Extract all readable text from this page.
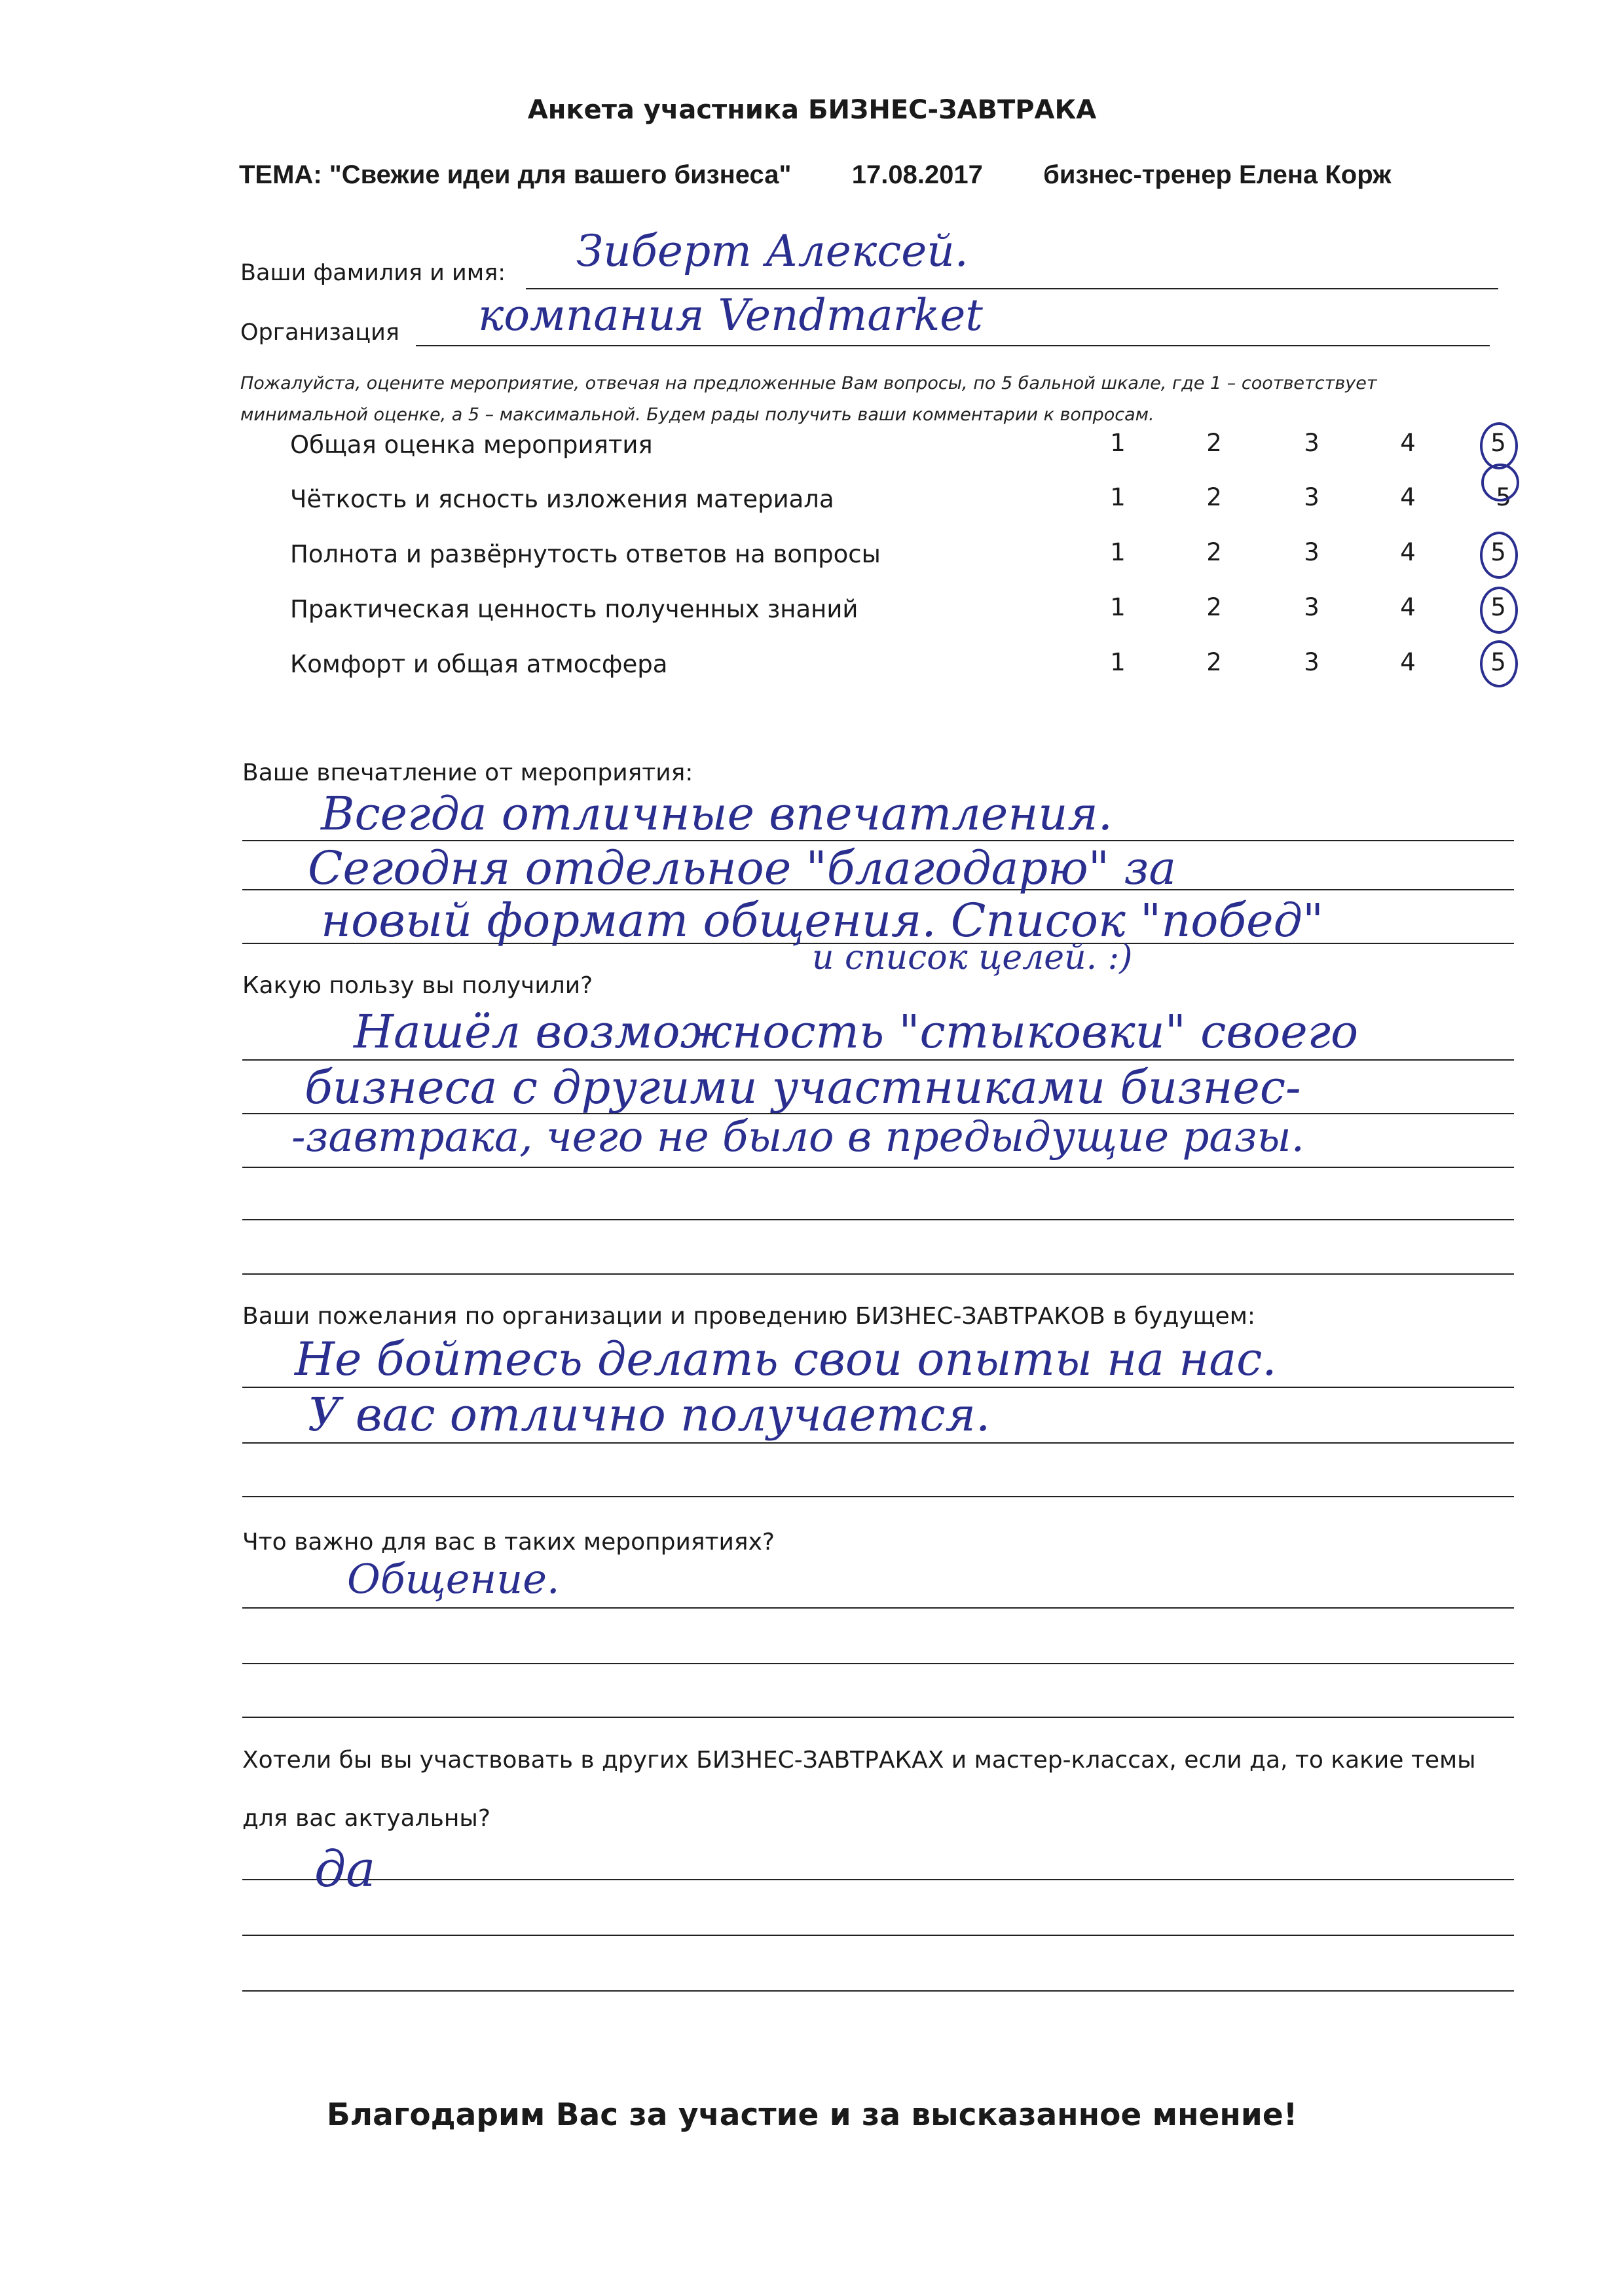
Анкета участника БИЗНЕС-ЗАВТРАКА
ТЕМА: "Свежие идеи для вашего бизнеса" 17.08.2017 бизнес-тренер Елена Корж
Ваши фамилия и имя: Зиберт Алексей.
Организация компания Vendmarket
Пожалуйста, оцените мероприятие, отвечая на предложенные Вам вопросы, по 5 бальной шкале, где 1 – соответствует минимальной оценке, а 5 – максимальной. Будем рады получить ваши комментарии к вопросам.
Общая оценка мероприятия	1	2	3	4	5
Чёткость и ясность изложения материала	1	2	3	4	5
Полнота и развёрнутость ответов на вопросы	1	2	3	4	5
Практическая ценность полученных знаний	1	2	3	4	5
Комфорт и общая атмосфера	1	2	3	4	5
Ваше впечатление от мероприятия:
Всегда отличные впечатления.
Сегодня отдельное "благодарю" за
новый формат общения. Список "побед"
и список целей. :)
Какую пользу вы получили?
Нашёл возможность "стыковки" своего
бизнеса с другими участниками бизнес-
-завтрака, чего не было в предыдущие разы.
Ваши пожелания по организации и проведению БИЗНЕС-ЗАВТРАКОВ в будущем:
Не бойтесь делать свои опыты на нас.
У вас отлично получается.
Что важно для вас в таких мероприятиях?
Общение.
Хотели бы вы участвовать в других БИЗНЕС-ЗАВТРАКАХ и мастер-классах, если да, то какие темы
для вас актуальны?
да
Благодарим Вас за участие и за высказанное мнение!
